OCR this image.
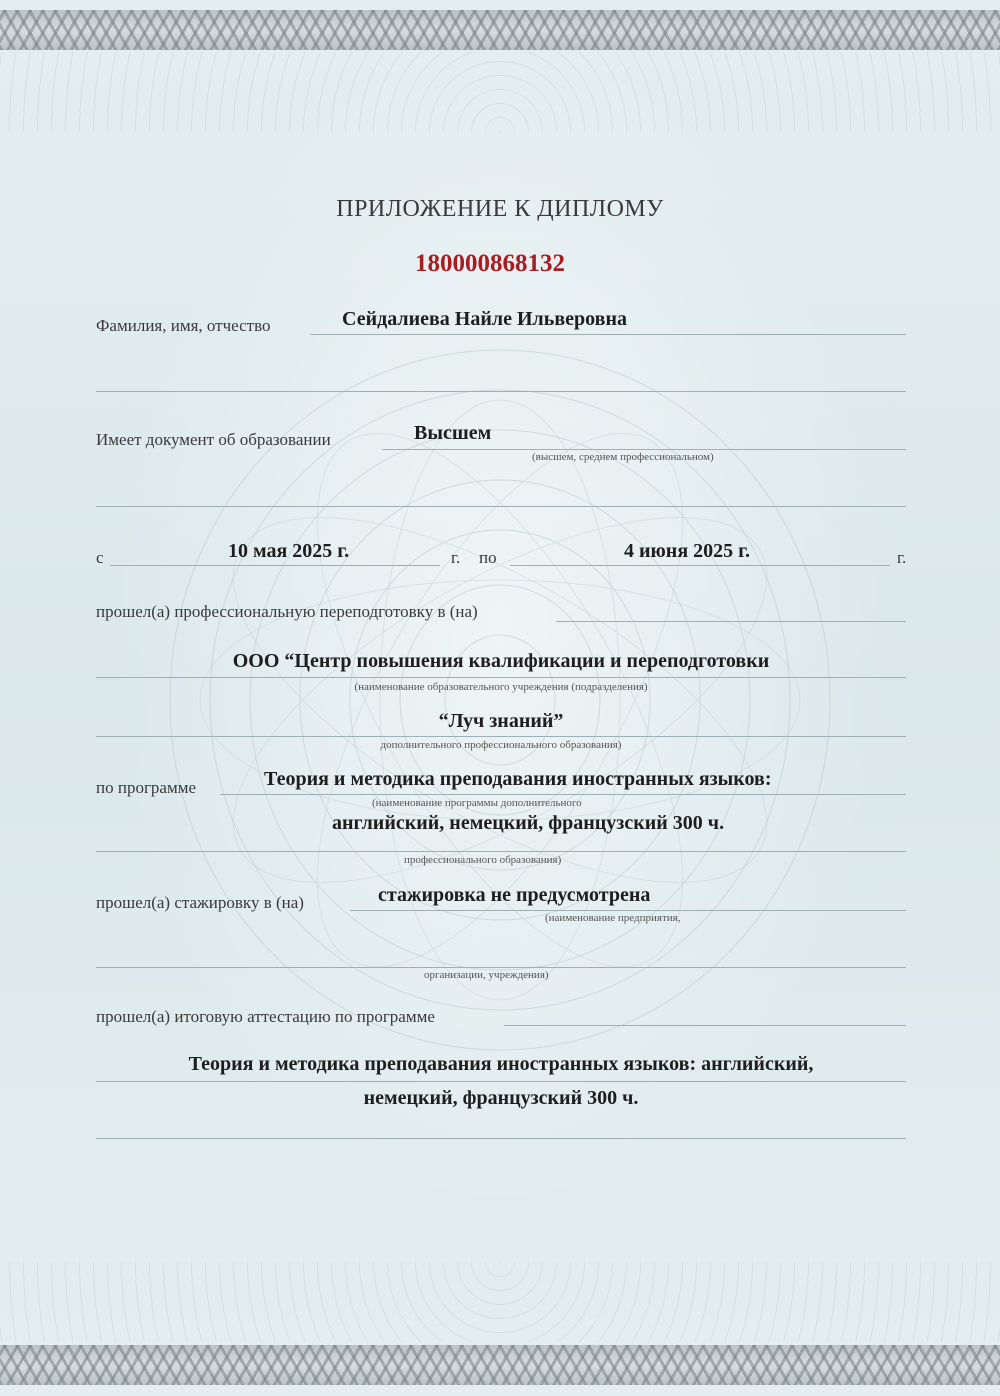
ПРИЛОЖЕНИЕ К ДИПЛОМУ
180000868132
Фамилия, имя, отчество	Сейдалиева Найле Ильверовна
Имеет документ об образовании	Высшем
(высшем, среднем профессиональном)
с	10 мая 2025 г.	г. по	4 июня 2025 г.	г.
прошел(а) профессиональную переподготовку в (на)
ООО “Центр повышения квалификации и переподготовки
(наименование образовательного учреждения (подразделения)
“Луч знаний”
дополнительного профессионального образования)
по программе	Теория и методика преподавания иностранных языков:
(наименование программы дополнительного
английский, немецкий, французский 300 ч.
профессионального образования)
прошел(а) стажировку в (на)	стажировка не предусмотрена
(наименование предприятия,
организации, учреждения)
прошел(а) итоговую аттестацию по программе
Теория и методика преподавания иностранных языков: английский,
немецкий, французский 300 ч.
